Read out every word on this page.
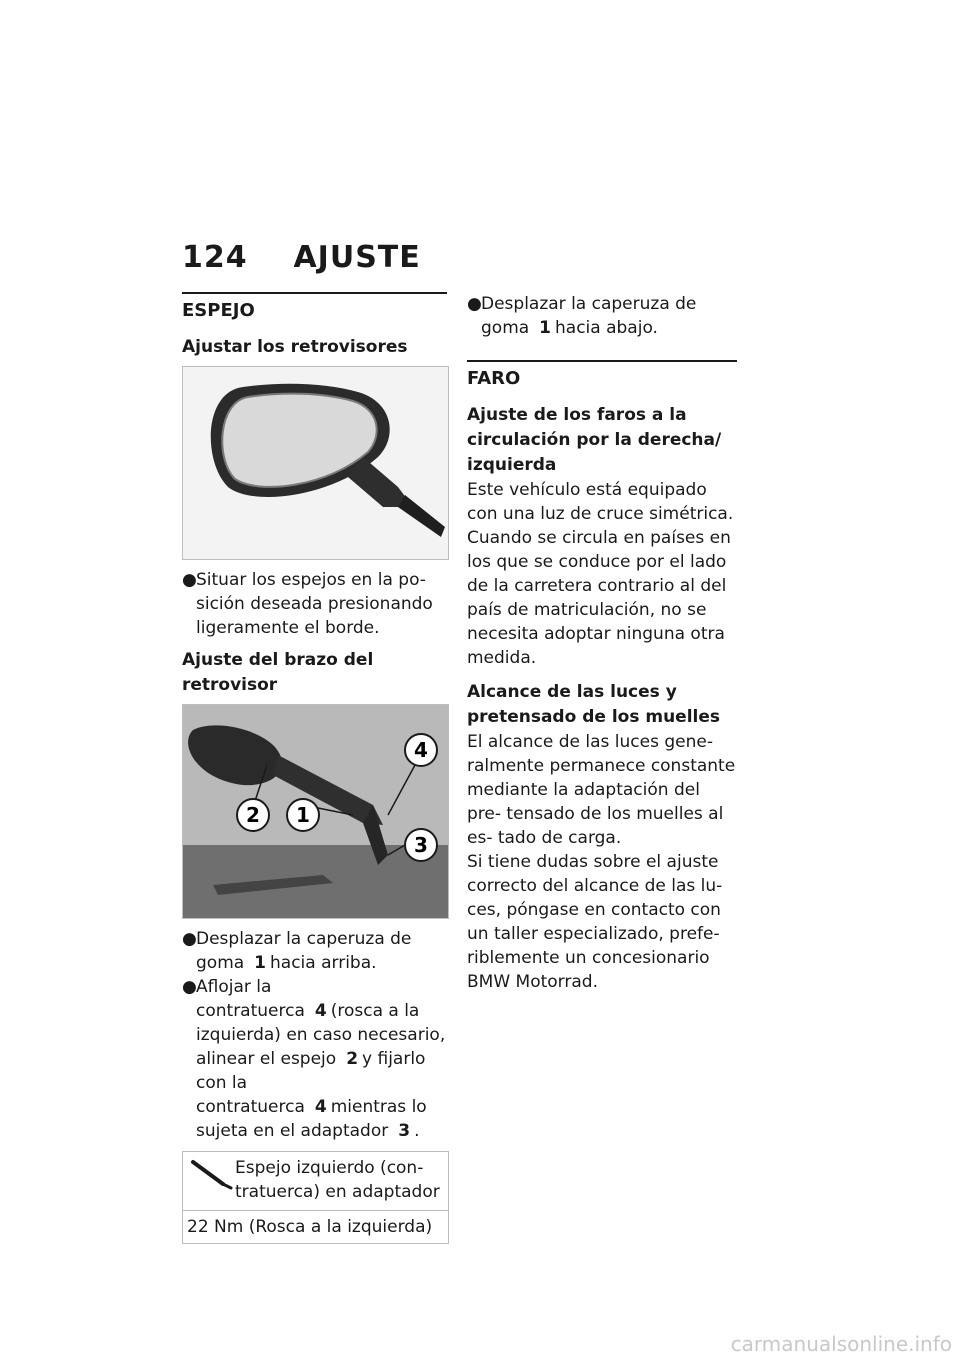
124 AJUSTE
ESPEJO
Ajustar los retrovisores
● Situar los espejos en la po- sición deseada presionando ligeramente el borde.
Ajuste del brazo del retrovisor
2 1
4
3
● Desplazar la caperuza de goma 1 hacia arriba.
● Aflojar la contratuerca 4 (rosca a la izquierda) en caso necesario, alinear el espejo 2 y fijarlo con la contratuerca 4 mientras lo sujeta en el adaptador 3 .
Espejo izquierdo (con- tratuerca) en adaptador
22 Nm (Rosca a la izquierda)
● Desplazar la caperuza de goma 1 hacia abajo.
FARO
Ajuste de los faros a la circulación por la derecha/ izquierda

Este vehículo está equipado con una luz de cruce simétrica. Cuando se circula en países en los que se conduce por el lado de la carretera contrario al del país de matriculación, no se necesita adoptar ninguna otra medida.

Alcance de las luces y pretensado de los muelles

El alcance de las luces gene- ralmente permanece constante mediante la adaptación del pre- tensado de los muelles al es- tado de carga.

Si tiene dudas sobre el ajuste correcto del alcance de las lu- ces, póngase en contacto con un taller especializado, prefe- riblemente un concesionario BMW Motorrad.

carmanualsonline.info
